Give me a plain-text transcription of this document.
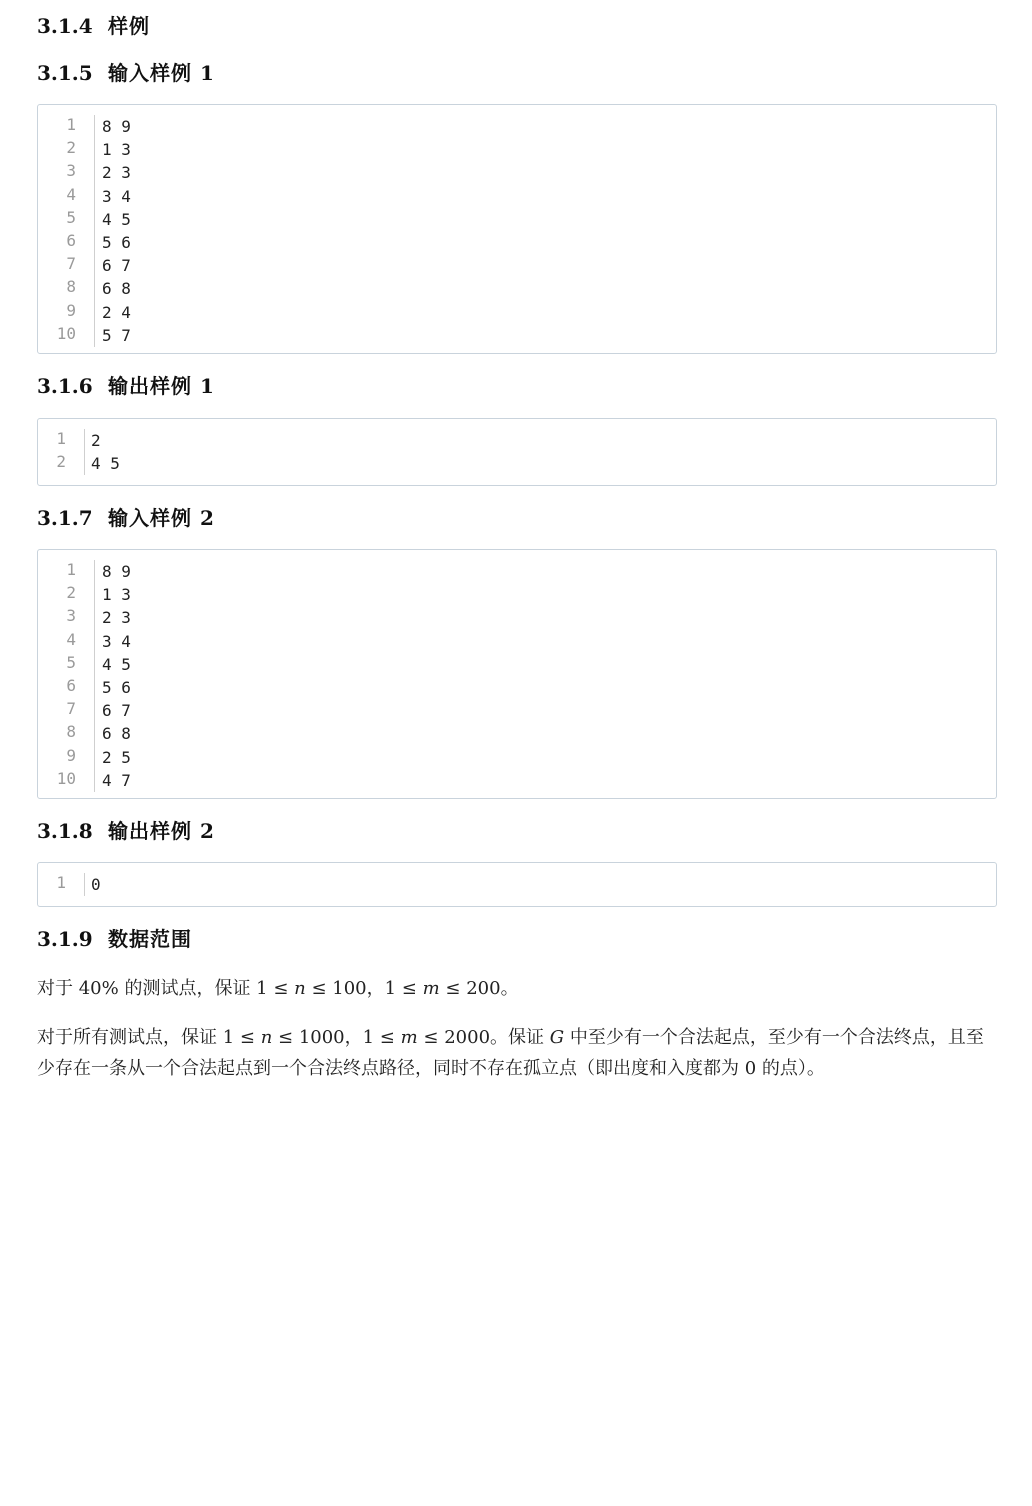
3.1.4 样例
3.1.5 输入样例 1
1 8 9
2 1 3
3 2 3
4 3 4
5 4 5
6 5 6
7 6 7
8 6 8
9 2 4
10 5 7
3.1.6 输出样例 1
1 2
2 4 5
3.1.7 输入样例 2
1 8 9
2 1 3
3 2 3
4 3 4
5 4 5
6 5 6
7 6 7
8 6 8
9 2 5
10 4 7
3.1.8 输出样例 2
1 0
3.1.9 数据范围
对于 40% 的测试点，保证 1 ≤ n ≤ 100，1 ≤ m ≤ 200。
对于所有测试点，保证 1 ≤ n ≤ 1000，1 ≤ m ≤ 2000。保证 G 中至少有一个合法起点，至少有一个合法终点，且至少存在一条从一个合法起点到一个合法终点路径，同时不存在孤立点（即出度和入度都为 0 的点）。
